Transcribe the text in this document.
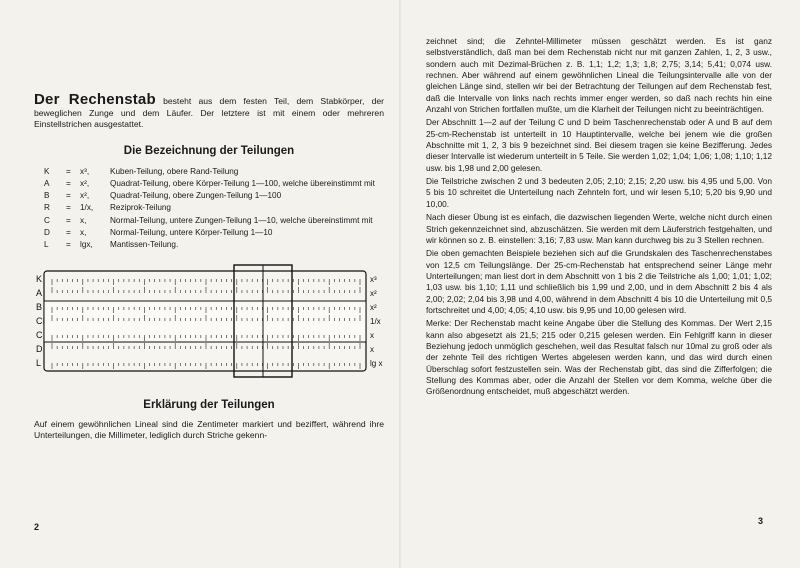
Der Rechenstab besteht aus dem festen Teil, dem Stabkörper, der beweglichen Zunge und dem Läufer. Der letztere ist mit einem oder mehreren Einstellstrichen ausgestattet.

Die Bezeichnung der Teilungen
K	=	x³,	Kuben-Teilung, obere Rand-Teilung
A	=	x²,	Quadrat-Teilung, obere Körper-Teilung 1—100, welche übereinstimmt mit
B	=	x²,	Quadrat-Teilung, obere Zungen-Teilung 1—100
R	=	1/x,	Reziprok-Teilung
C	=	x,	Normal-Teilung, untere Zungen-Teilung 1—10, welche übereinstimmt mit
D	=	x,	Normal-Teilung, untere Körper-Teilung 1—10
L	=	lgx,	Mantissen-Teilung.
K
A
B
CI
C
D
L
x³
x²
x²
1/x
x
x
lg x
Erklärung der Teilungen

Auf einem gewöhnlichen Lineal sind die Zentimeter markiert und beziffert, während ihre Unterteilungen, die Millimeter, lediglich durch Striche gekenn-

2

zeichnet sind; die Zehntel-Millimeter müssen geschätzt werden. Es ist ganz selbstverständlich, daß man bei dem Rechenstab nicht nur mit ganzen Zahlen, 1, 2, 3 usw., sondern auch mit Dezimal-Brüchen z. B. 1,1; 1,2; 1,3; 1,8; 2,75; 3,14; 5,41; 0,074 usw. rechnen. Aber während auf einem gewöhnlichen Lineal die Teilungsintervalle alle von der gleichen Länge sind, stellen wir bei der Betrachtung der Teilungen auf dem Rechenstab fest, daß die Intervalle von links nach rechts immer enger werden, so daß nach rechts hin eine Anzahl von Strichen fortfallen mußte, um die Klarheit der Teilungen nicht zu beeinträchtigen.

Der Abschnitt 1—2 auf der Teilung C und D beim Taschenrechenstab oder A und B auf dem 25-cm-Rechenstab ist unterteilt in 10 Hauptintervalle, welche bei jenem wie die großen Abschnitte mit 1, 2, 3 bis 9 bezeichnet sind. Bei diesem tragen sie keine Bezifferung. Jedes dieser Intervalle ist wiederum unterteilt in 5 Teile. Sie werden 1,02; 1,04; 1,06; 1,08; 1,10; 1,12 usw. bis 1,98 und 2,00 gelesen.

Die Teilstriche zwischen 2 und 3 bedeuten 2,05; 2,10; 2,15; 2,20 usw. bis 4,95 und 5,00. Von 5 bis 10 schreitet die Unterteilung nach Zehnteln fort, und wir lesen 5,10; 5,20 bis 9,90 und 10,00.

Nach dieser Übung ist es einfach, die dazwischen liegenden Werte, welche nicht durch einen Strich gekennzeichnet sind, abzuschätzen. Sie werden mit dem Läuferstrich festgehalten, und wir können so z. B. einstellen: 3,16; 7,83 usw. Man kann durchweg bis zu 3 Stellen rechnen.

Die oben gemachten Beispiele beziehen sich auf die Grundskalen des Taschenrechenstabes von 12,5 cm Teilungslänge. Der 25-cm-Rechenstab hat entsprechend seiner Länge mehr Unterteilungen; man liest dort in dem Abschnitt von 1 bis 2 die Teilstriche als 1,00; 1,01; 1,02; 1,03 usw. bis 1,10; 1,11 und schließlich bis 1,99 und 2,00, und in dem Abschnitt 2 bis 4 als 2,00; 2,02; 2,04 bis 3,98 und 4,00, während in dem Abschnitt 4 bis 10 die Unterteilung mit 0,5 fortschreitet und 4,00; 4,05; 4,10 usw. bis 9,95 und 10,00 gelesen wird.

Merke: Der Rechenstab macht keine Angabe über die Stellung des Kommas. Der Wert 2,15 kann also abgesetzt als 21,5; 215 oder 0,215 gelesen werden. Ein Fehlgriff kann in dieser Beziehung jedoch unmöglich geschehen, weil das Resultat falsch nur 10mal zu groß oder als der zehnte Teil des richtigen Wertes abgelesen werden kann, und das wird durch einen Überschlag sofort festzustellen sein. Was der Rechenstab gibt, das sind die Zifferfolgen; die Stellung des Kommas aber, oder die Anzahl der Stellen vor dem Komma, welche über die Größenordnung entscheidet, muß abgeschätzt werden.

3
